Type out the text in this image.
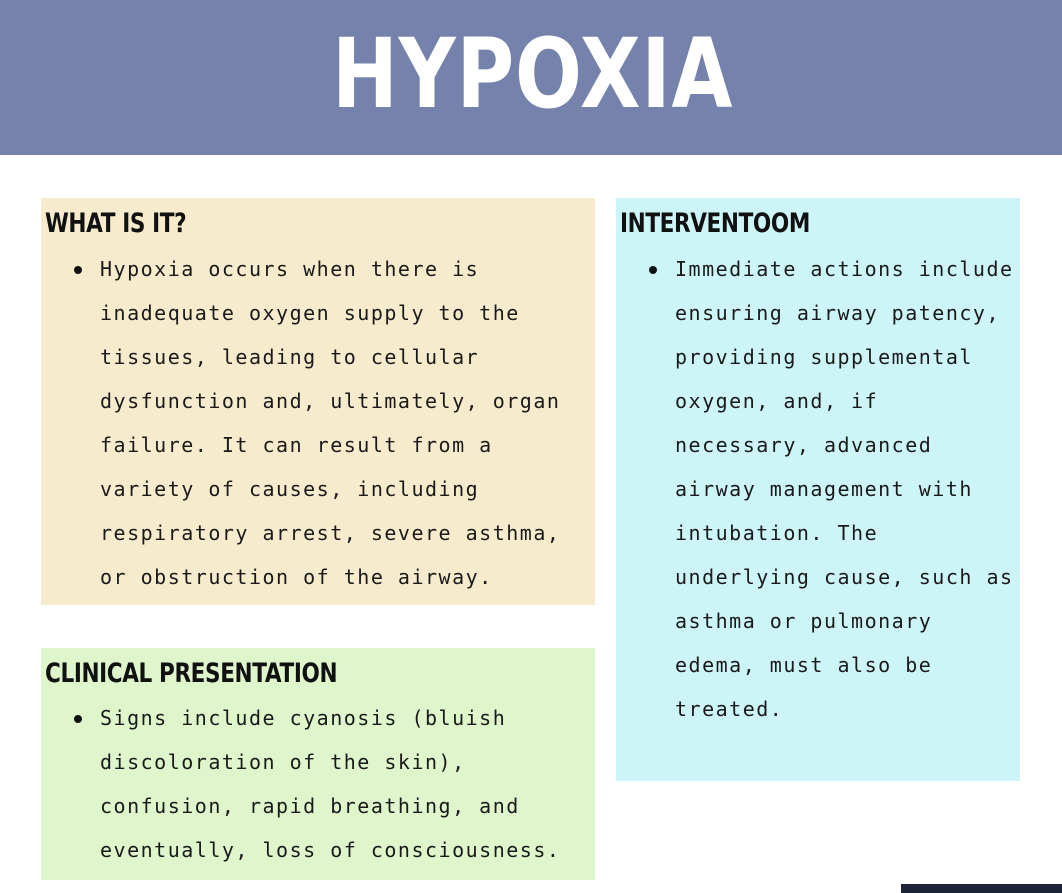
HYPOXIA
WHAT IS IT?

Hypoxia occurs when there is inadequate oxygen supply to the tissues, leading to cellular dysfunction and, ultimately, organ failure. It can result from a variety of causes, including respiratory arrest, severe asthma, or obstruction of the airway.

CLINICAL PRESENTATION

Signs include cyanosis (bluish discoloration of the skin), confusion, rapid breathing, and eventually, loss of consciousness.

INTERVENTOOM

Immediate actions include ensuring airway patency, providing supplemental oxygen, and, if necessary, advanced airway management with intubation. The underlying cause, such as asthma or pulmonary edema, must also be treated.
